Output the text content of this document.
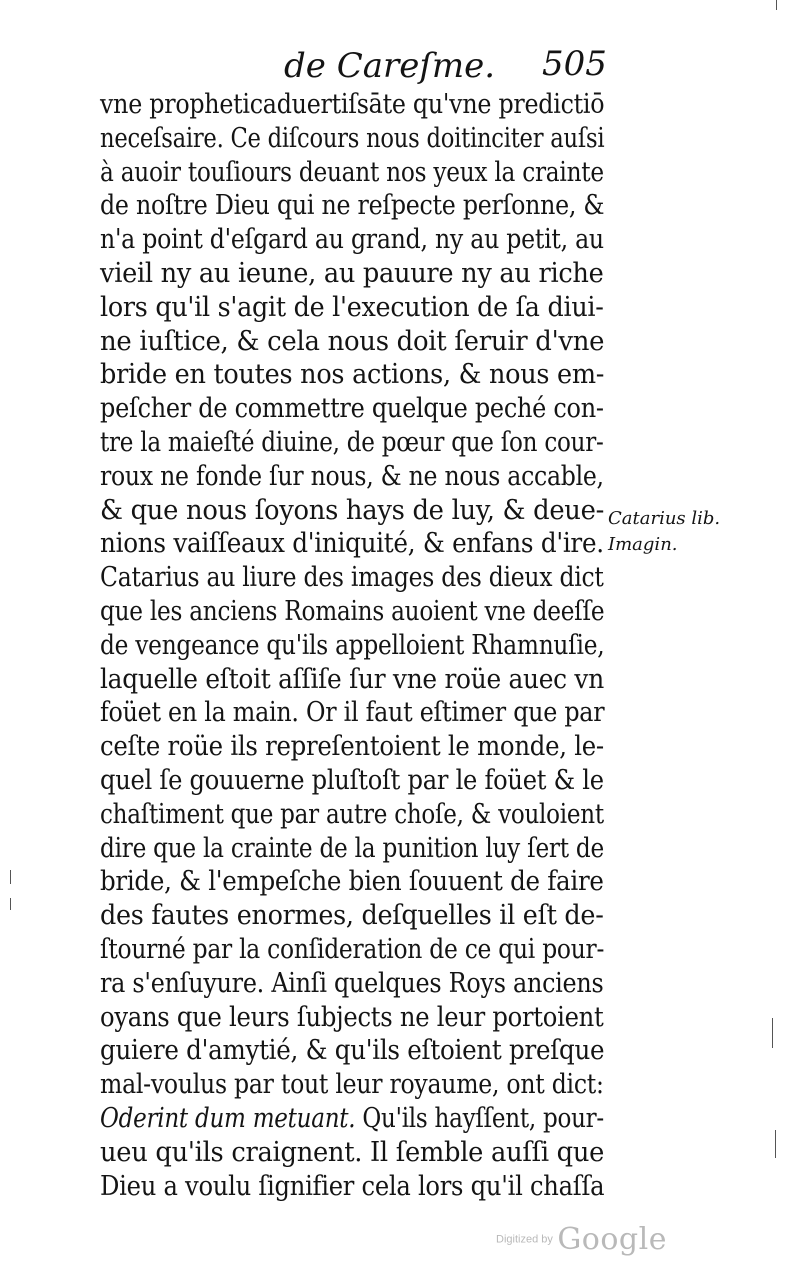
de Careſme. 505
vne propheticaduertiſsāte qu'vne predictiō
neceſsaire. Ce diſcours nous doitinciter auſsi
à auoir touſiours deuant nos yeux la crainte
de noſtre Dieu qui ne reſpecte perſonne, &
n'a point d'eſgard au grand, ny au petit, au
vieil ny au ieune, au pauure ny au riche
lors qu'il s'agit de l'execution de ſa diui-
ne iuſtice, & cela nous doit ſeruir d'vne
bride en toutes nos actions, & nous em-
peſcher de commettre quelque peché con-
tre la maieſté diuine, de pœur que ſon cour-
roux ne fonde ſur nous, & ne nous accable,
& que nous ſoyons hays de luy, & deue-
nions vaiſſeaux d'iniquité, & enfans d'ire.
Catarius au liure des images des dieux dict
que les anciens Romains auoient vne deeſſe
de vengeance qu'ils appelloient Rhamnuſie,
laquelle eſtoit aſſiſe ſur vne roüe auec vn
foüet en la main. Or il faut eſtimer que par
ceſte roüe ils repreſentoient le monde, le-
quel ſe gouuerne pluſtoſt par le foüet & le
chaſtiment que par autre choſe, & vouloient
dire que la crainte de la punition luy ſert de
bride, & l'empeſche bien ſouuent de faire
des fautes enormes, deſquelles il eſt de-
ſtourné par la conſideration de ce qui pour-
ra s'enſuyure. Ainſi quelques Roys anciens
oyans que leurs ſubjects ne leur portoient
guiere d'amytié, & qu'ils eſtoient preſque
mal-voulus par tout leur royaume, ont dict:
Oderint dum metuant. Qu'ils hayſſent, pour-
ueu qu'ils craignent. Il ſemble auſſi que
Dieu a voulu ſignifier cela lors qu'il chaſſa
Catarius lib.
Imagin.
Digitized by Google
